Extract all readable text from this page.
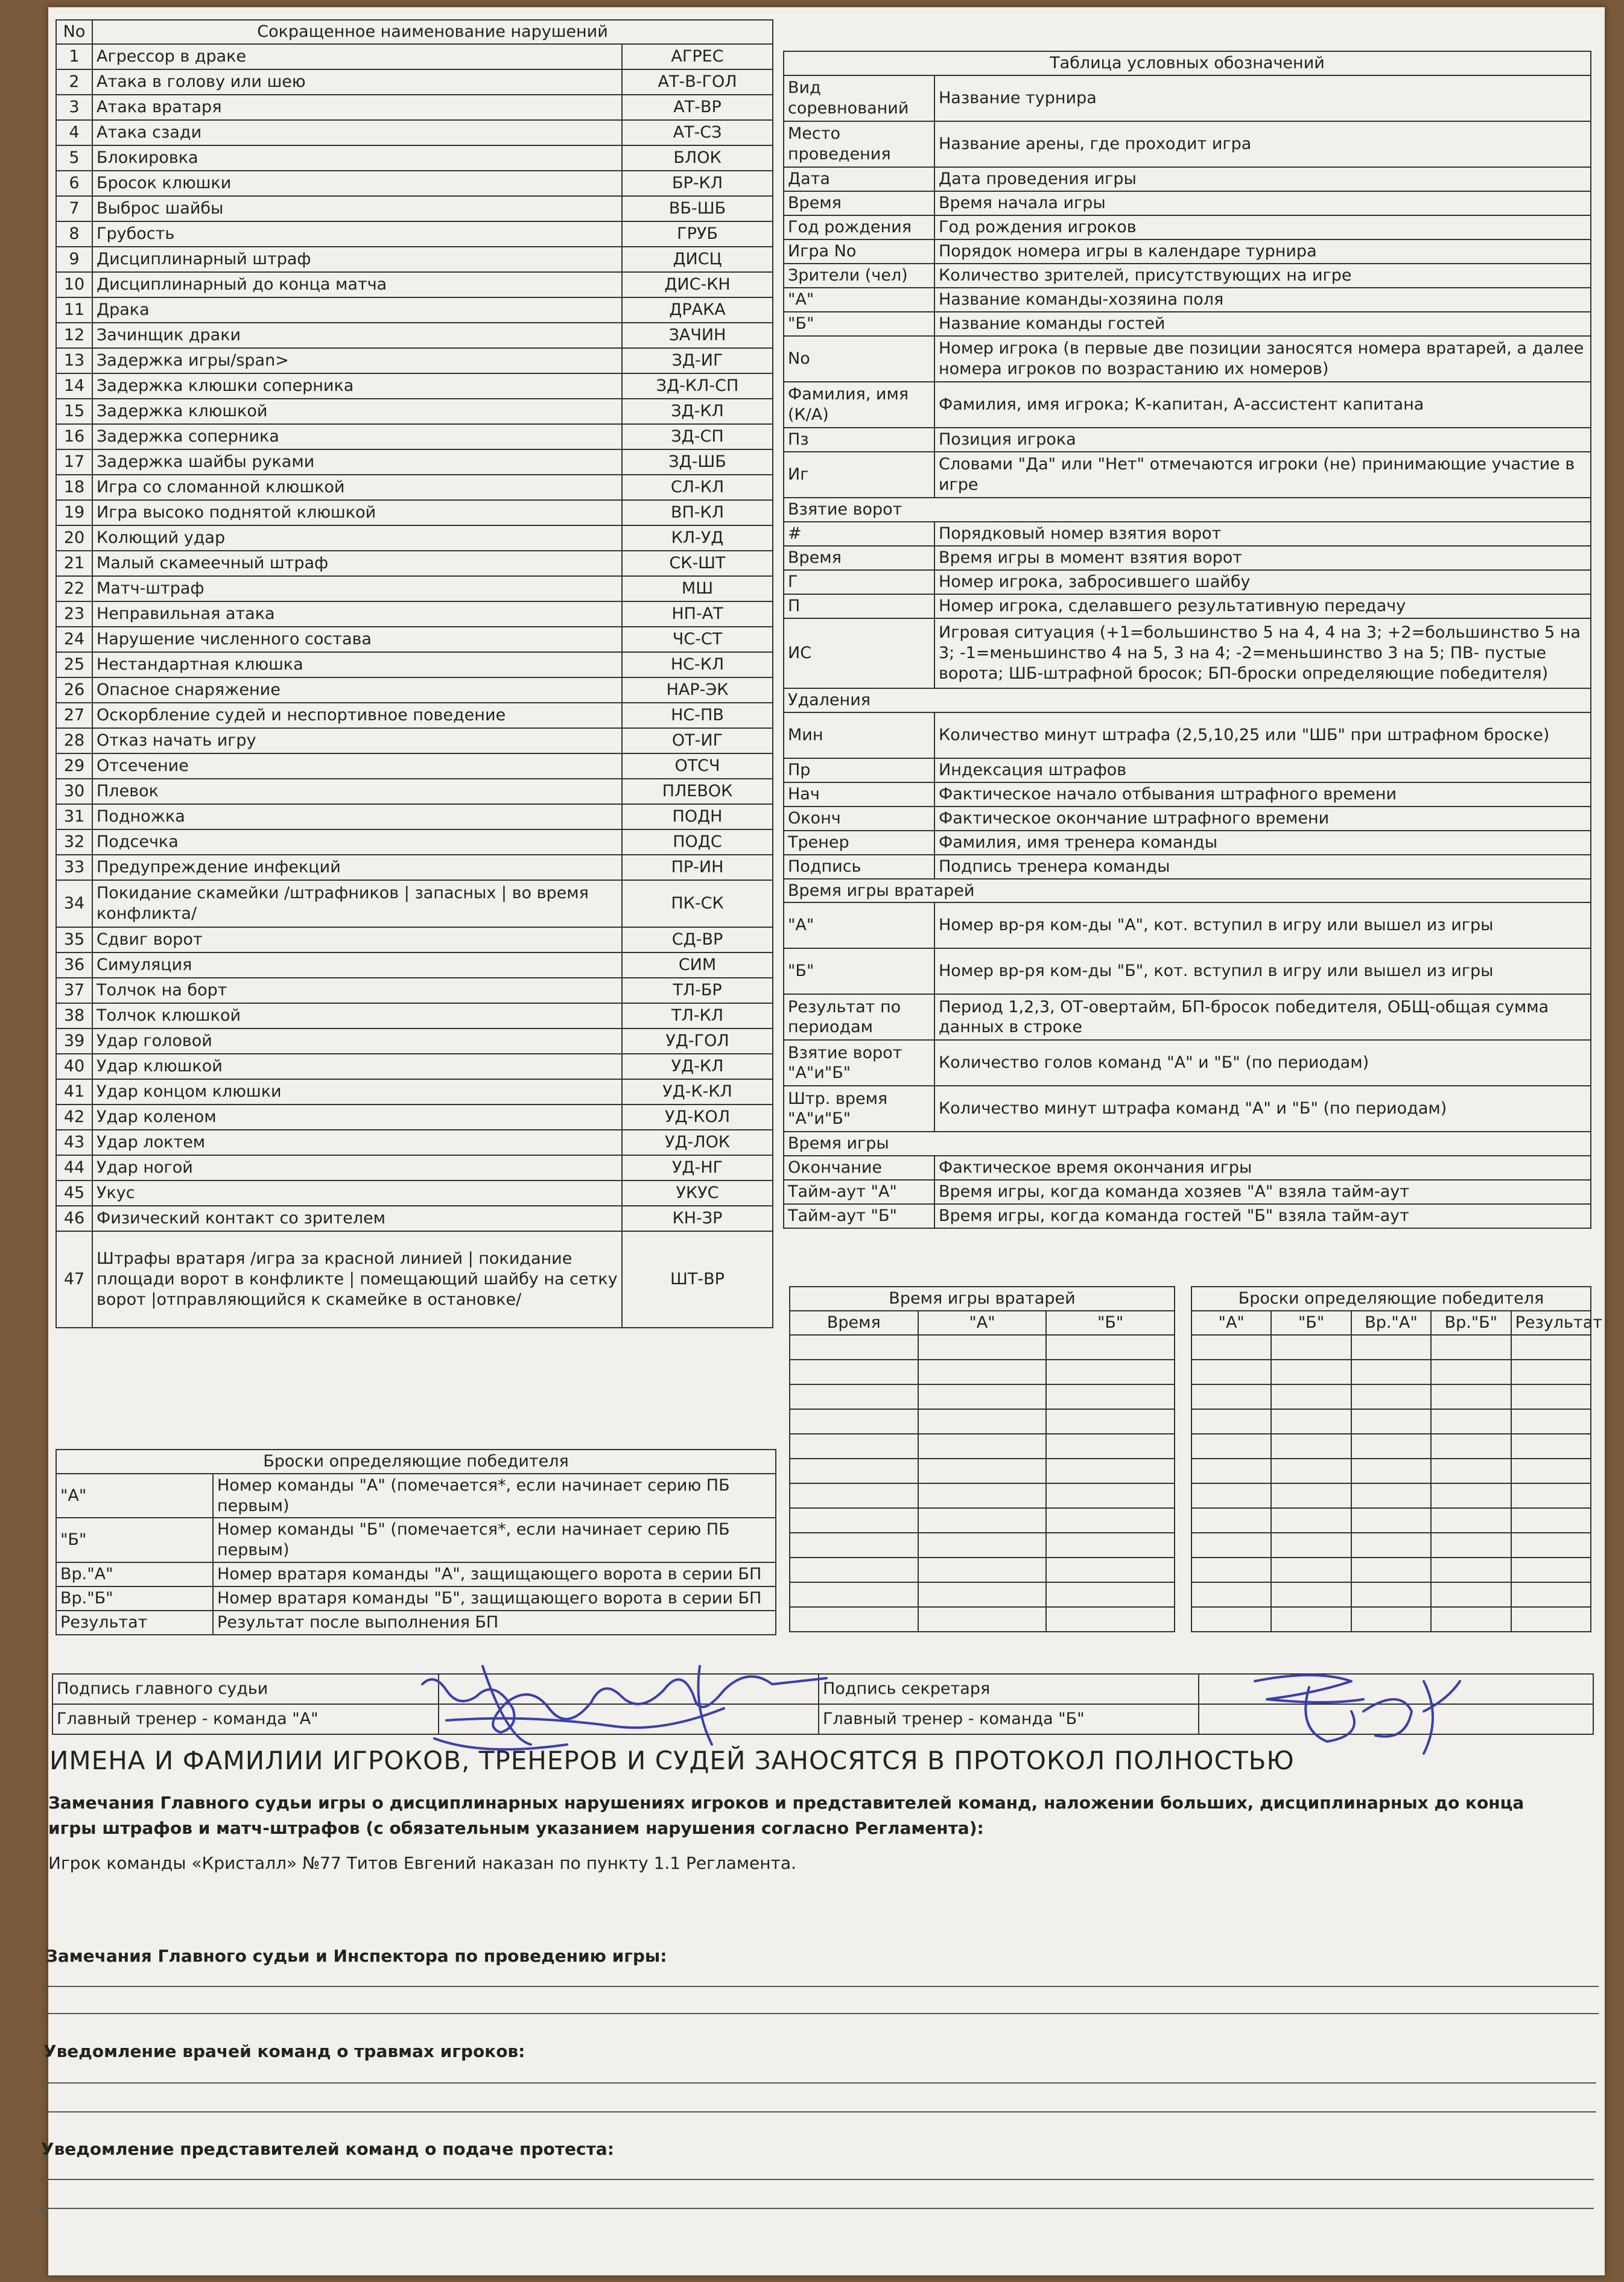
No	Сокращенное наименование нарушений	
1	Агрессор в драке	АГРЕС
2	Атака в голову или шею	АТ-В-ГОЛ
3	Атака вратаря	АТ-ВР
4	Атака сзади	АТ-СЗ
5	Блокировка	БЛОК
6	Бросок клюшки	БР-КЛ
7	Выброс шайбы	ВБ-ШБ
8	Грубость	ГРУБ
9	Дисциплинарный штраф	ДИСЦ
10	Дисциплинарный до конца матча	ДИС-КН
11	Драка	ДРАКА
12	Зачинщик драки	ЗАЧИН
13	Задержка игры/span>	ЗД-ИГ
14	Задержка клюшки соперника	ЗД-КЛ-СП
15	Задержка клюшкой	ЗД-КЛ
16	Задержка соперника	ЗД-СП
17	Задержка шайбы руками	ЗД-ШБ
18	Игра со сломанной клюшкой	СЛ-КЛ
19	Игра высоко поднятой клюшкой	ВП-КЛ
20	Колющий удар	КЛ-УД
21	Малый скамеечный штраф	СК-ШТ
22	Матч-штраф	МШ
23	Неправильная атака	НП-АТ
24	Нарушение численного состава	ЧС-СТ
25	Нестандартная клюшка	НС-КЛ
26	Опасное снаряжение	НАР-ЭК
27	Оскорбление судей и неспортивное поведение	НС-ПВ
28	Отказ начать игру	ОТ-ИГ
29	Отсечение	ОТСЧ
30	Плевок	ПЛЕВОК
31	Подножка	ПОДН
32	Подсечка	ПОДС
33	Предупреждение инфекций	ПР-ИН
34	Покидание скамейки /штрафников | запасных | во время конфликта/	ПК-СК
35	Сдвиг ворот	СД-ВР
36	Симуляция	СИМ
37	Толчок на борт	ТЛ-БР
38	Толчок клюшкой	ТЛ-КЛ
39	Удар головой	УД-ГОЛ
40	Удар клюшкой	УД-КЛ
41	Удар концом клюшки	УД-К-КЛ
42	Удар коленом	УД-КОЛ
43	Удар локтем	УД-ЛОК
44	Удар ногой	УД-НГ
45	Укус	УКУС
46	Физический контакт со зрителем	КН-ЗР
47	Штрафы вратаря /игра за красной линией | покидание площади ворот в конфликте | помещающий шайбу на сетку ворот |отправляющийся к скамейке в остановке/	ШТ-ВР
Таблица условных обозначений	
Вид соревнований	Название турнира
Место проведения	Название арены, где проходит игра
Дата	Дата проведения игры
Время	Время начала игры
Год рождения	Год рождения игроков
Игра No	Порядок номера игры в календаре турнира
Зрители (чел)	Количество зрителей, присутствующих на игре
"А"	Название команды-хозяина поля
"Б"	Название команды гостей
No	Номер игрока (в первые две позиции заносятся номера вратарей, а далее номера игроков по возрастанию их номеров)
Фамилия, имя (К/А)	Фамилия, имя игрока; К-капитан, А-ассистент капитана
Пз	Позиция игрока
Иг	Словами "Да" или "Нет" отмечаются игроки (не) принимающие участие в игре
Взятие ворот	
#	Порядковый номер взятия ворот
Время	Время игры в момент взятия ворот
Г	Номер игрока, забросившего шайбу
П	Номер игрока, сделавшего результативную передачу
ИС	Игровая ситуация (+1=большинство 5 на 4, 4 на 3; +2=большинство 5 на 3; -1=меньшинство 4 на 5, 3 на 4; -2=меньшинство 3 на 5; ПВ- пустые ворота; ШБ-штрафной бросок; БП-броски определяющие победителя)
Удаления	
Мин	Количество минут штрафа (2,5,10,25 или "ШБ" при штрафном броске)
Пр	Индексация штрафов
Нач	Фактическое начало отбывания штрафного времени
Оконч	Фактическое окончание штрафного времени
Тренер	Фамилия, имя тренера команды
Подпись	Подпись тренера команды
Время игры вратарей	
"А"	Номер вр-ря ком-ды "А", кот. вступил в игру или вышел из игры
"Б"	Номер вр-ря ком-ды "Б", кот. вступил в игру или вышел из игры
Результат по периодам	Период 1,2,3, ОТ-овертайм, БП-бросок победителя, ОБЩ-общая сумма данных в строке
Взятие ворот "А"и"Б"	Количество голов команд "А" и "Б" (по периодам)
Штр. время "А"и"Б"	Количество минут штрафа команд "А" и "Б" (по периодам)
Время игры	
Окончание	Фактическое время окончания игры
Тайм-аут "А"	Время игры, когда команда хозяев "А" взяла тайм-аут
Тайм-аут "Б"	Время игры, когда команда гостей "Б" взяла тайм-аут
Время игры вратарей		
Время	"А"	"Б"

Броски определяющие победителя				
"А"	"Б"	Вр."А"	Вр."Б"	Результат

Броски определяющие победителя	
"А"	Номер команды "А" (помечается*, если начинает серию ПБ первым)
"Б"	Номер команды "Б" (помечается*, если начинает серию ПБ первым)
Вр."А"	Номер вратаря команды "А", защищающего ворота в серии БП
Вр."Б"	Номер вратаря команды "Б", защищающего ворота в серии БП
Результат	Результат после выполнения БП
Подпись главного судьи		Подпись секретаря	
Главный тренер - команда "А"		Главный тренер - команда "Б"	
ИМЕНА И ФАМИЛИИ ИГРОКОВ, ТРЕНЕРОВ И СУДЕЙ ЗАНОСЯТСЯ В ПРОТОКОЛ ПОЛНОСТЬЮ
Замечания Главного судьи игры о дисциплинарных нарушениях игроков и представителей команд, наложении больших, дисциплинарных до конца игры штрафов и матч-штрафов (с обязательным указанием нарушения согласно Регламента):
Игрок команды «Кристалл» №77 Титов Евгений наказан по пункту 1.1 Регламента.
Замечания Главного судьи и Инспектора по проведению игры:
Уведомление врачей команд о травмах игроков:
Уведомление представителей команд о подаче протеста:
